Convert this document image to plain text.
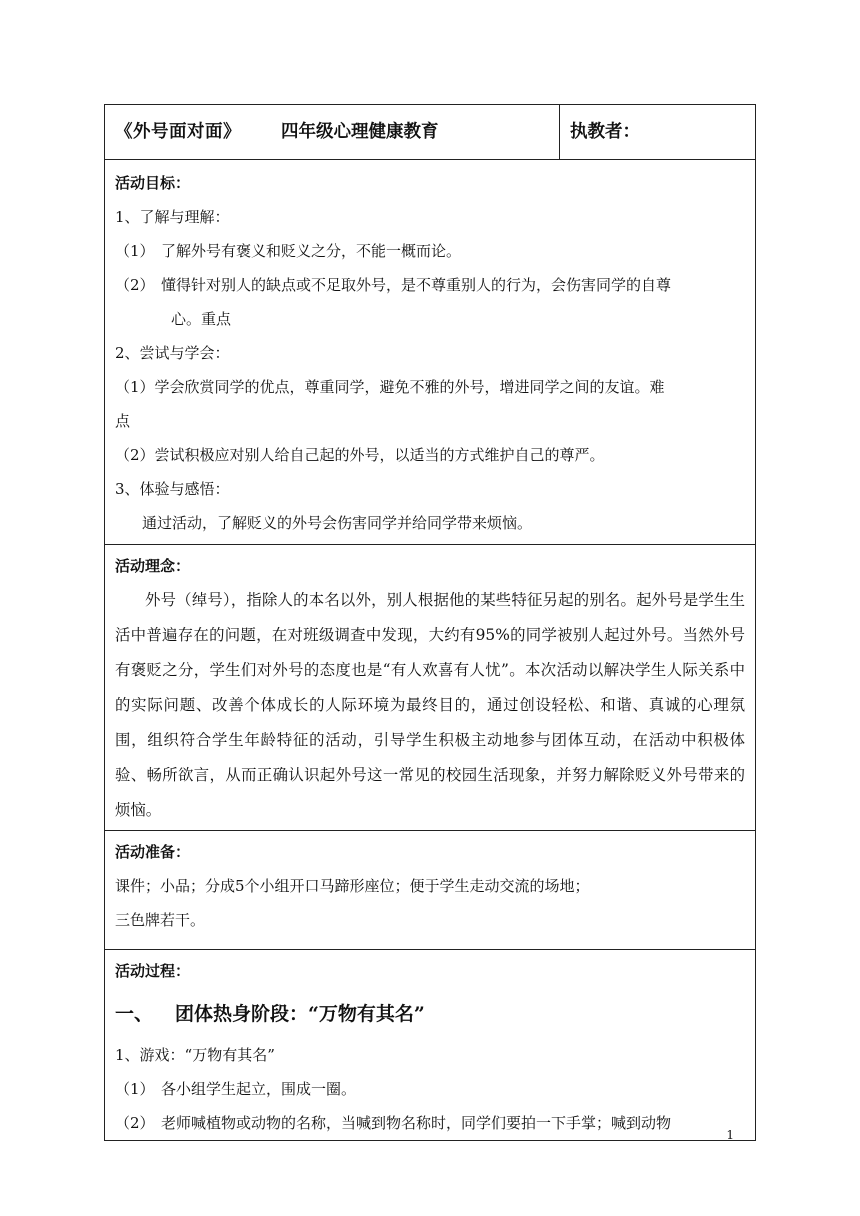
《外号面对面》 四年级心理健康教育	执教者：

活动目标：
1、了解与理解：
（1） 了解外号有褒义和贬义之分，不能一概而论。
（2） 懂得针对别人的缺点或不足取外号，是不尊重别人的行为，会伤害同学的自尊
心。重点
2、尝试与学会：
（1）学会欣赏同学的优点，尊重同学，避免不雅的外号，增进同学之间的友谊。难
点
（2）尝试积极应对别人给自己起的外号，以适当的方式维护自己的尊严。
3、体验与感悟：
通过活动，了解贬义的外号会伤害同学并给同学带来烦恼。

活动理念：
外号（绰号），指除人的本名以外，别人根据他的某些特征另起的别名。起外号是学生生活中普遍存在的问题，在对班级调查中发现，大约有95%的同学被别人起过外号。当然外号有褒贬之分，学生们对外号的态度也是“有人欢喜有人忧”。本次活动以解决学生人际关系中的实际问题、改善个体成长的人际环境为最终目的，通过创设轻松、和谐、真诚的心理氛围，组织符合学生年龄特征的活动，引导学生积极主动地参与团体互动，在活动中积极体验、畅所欲言，从而正确认识起外号这一常见的校园生活现象，并努力解除贬义外号带来的烦恼。

活动准备：
课件；小品；分成5个小组开口马蹄形座位；便于学生走动交流的场地；
三色牌若干。

活动过程：
一、	团体热身阶段：“万物有其名”
1、游戏：“万物有其名”
（1） 各小组学生起立，围成一圈。
（2） 老师喊植物或动物的名称，当喊到物名称时，同学们要拍一下手掌；喊到动物
1
